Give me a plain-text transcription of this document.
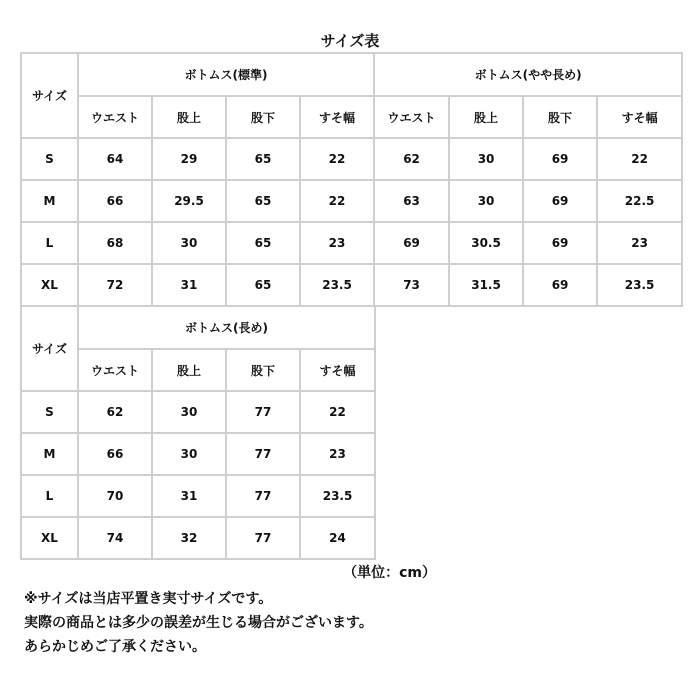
サイズ表
サイズ	ボトムス(標準)				ボトムス(やや長め)			
	ウエスト	股上	股下	すそ幅	ウエスト	股上	股下	すそ幅
S	64	29	65	22	62	30	69	22
M	66	29.5	65	22	63	30	69	22.5
L	68	30	65	23	69	30.5	69	23
XL	72	31	65	23.5	73	31.5	69	23.5
サイズ	ボトムス(長め)			
	ウエスト	股上	股下	すそ幅
S	62	30	77	22
M	66	30	77	23
L	70	31	77	23.5
XL	74	32	77	24
（単位：cm）
※サイズは当店平置き実寸サイズです。
実際の商品とは多少の誤差が生じる場合がございます。
あらかじめご了承ください。
